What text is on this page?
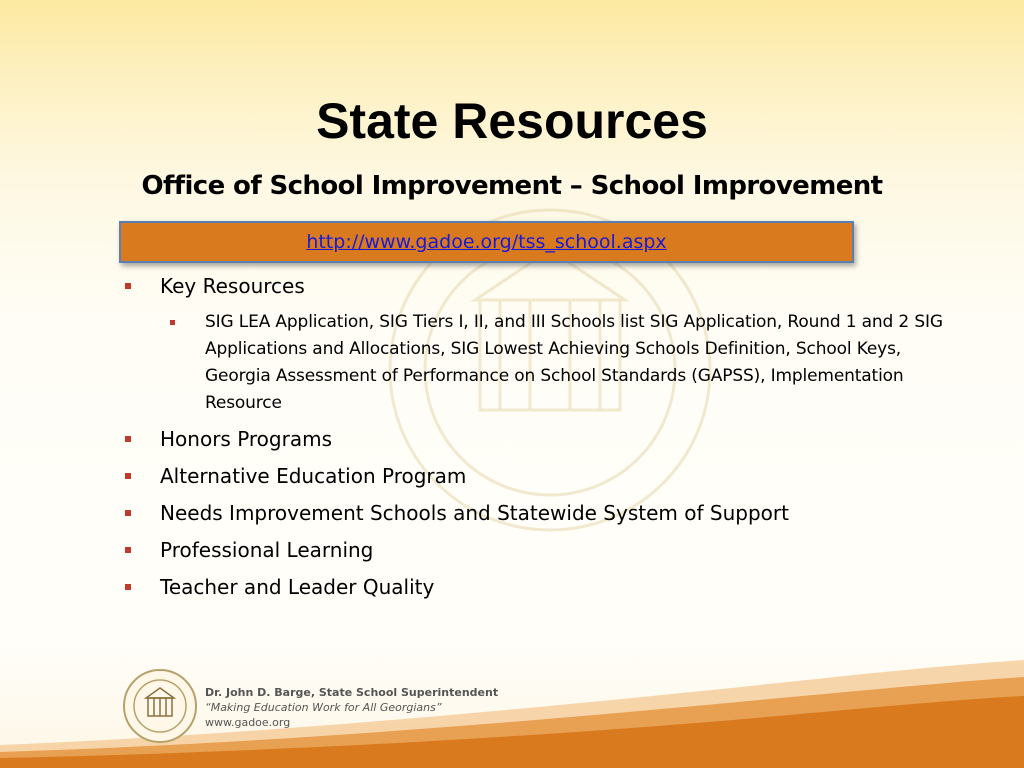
State Resources
Office of School Improvement – School Improvement
http://www.gadoe.org/tss_school.aspx
Key Resources
SIG LEA Application, SIG Tiers I, II, and III Schools list SIG Application, Round 1 and 2 SIG Applications and Allocations, SIG Lowest Achieving Schools Definition, School Keys, Georgia Assessment of Performance on School Standards (GAPSS), Implementation Resource
Honors Programs
Alternative Education Program
Needs Improvement Schools and Statewide System of Support
Professional Learning
Teacher and Leader Quality
Dr. John D. Barge, State School Superintendent
“Making Education Work for All Georgians”
www.gadoe.org
